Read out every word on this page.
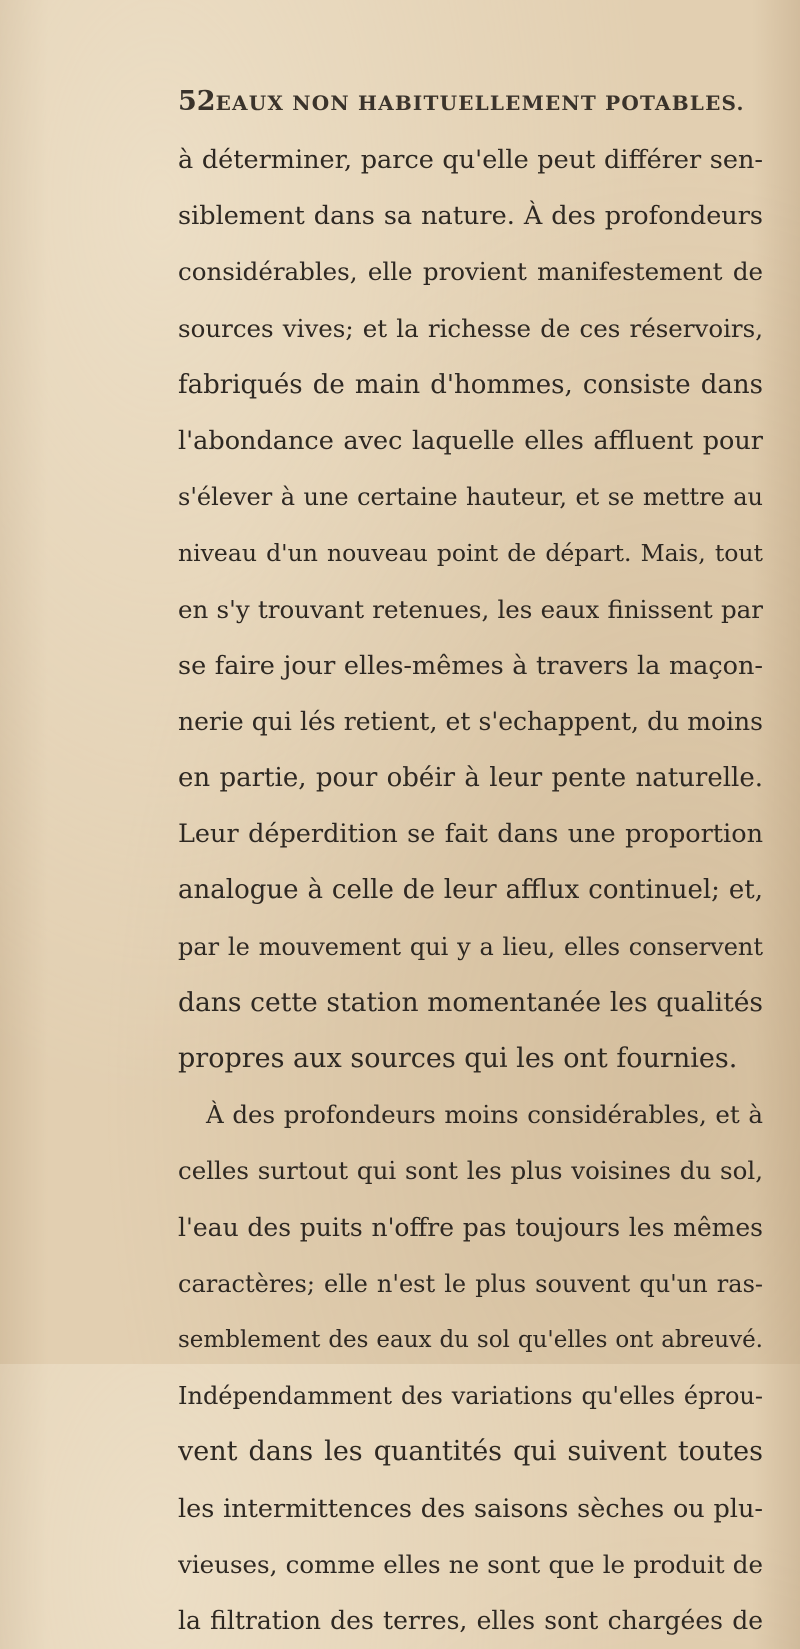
52 EAUX NON HABITUELLEMENT POTABLES.
à déterminer, parce qu'elle peut différer sen-
siblement dans sa nature. À des profondeurs
considérables, elle provient manifestement de
sources vives; et la richesse de ces réservoirs,
fabriqués de main d'hommes, consiste dans
l'abondance avec laquelle elles affluent pour
s'élever à une certaine hauteur, et se mettre au
niveau d'un nouveau point de départ. Mais, tout
en s'y trouvant retenues, les eaux finissent par
se faire jour elles-mêmes à travers la maçon-
nerie qui lés retient, et s'echappent, du moins
en partie, pour obéir à leur pente naturelle.
Leur déperdition se fait dans une proportion
analogue à celle de leur afflux continuel; et,
par le mouvement qui y a lieu, elles conservent
dans cette station momentanée les qualités
propres aux sources qui les ont fournies.
À des profondeurs moins considérables, et à
celles surtout qui sont les plus voisines du sol,
l'eau des puits n'offre pas toujours les mêmes
caractères; elle n'est le plus souvent qu'un ras-
semblement des eaux du sol qu'elles ont abreuvé.
Indépendamment des variations qu'elles éprou-
vent dans les quantités qui suivent toutes
les intermittences des saisons sèches ou plu-
vieuses, comme elles ne sont que le produit de
la filtration des terres, elles sont chargées de
